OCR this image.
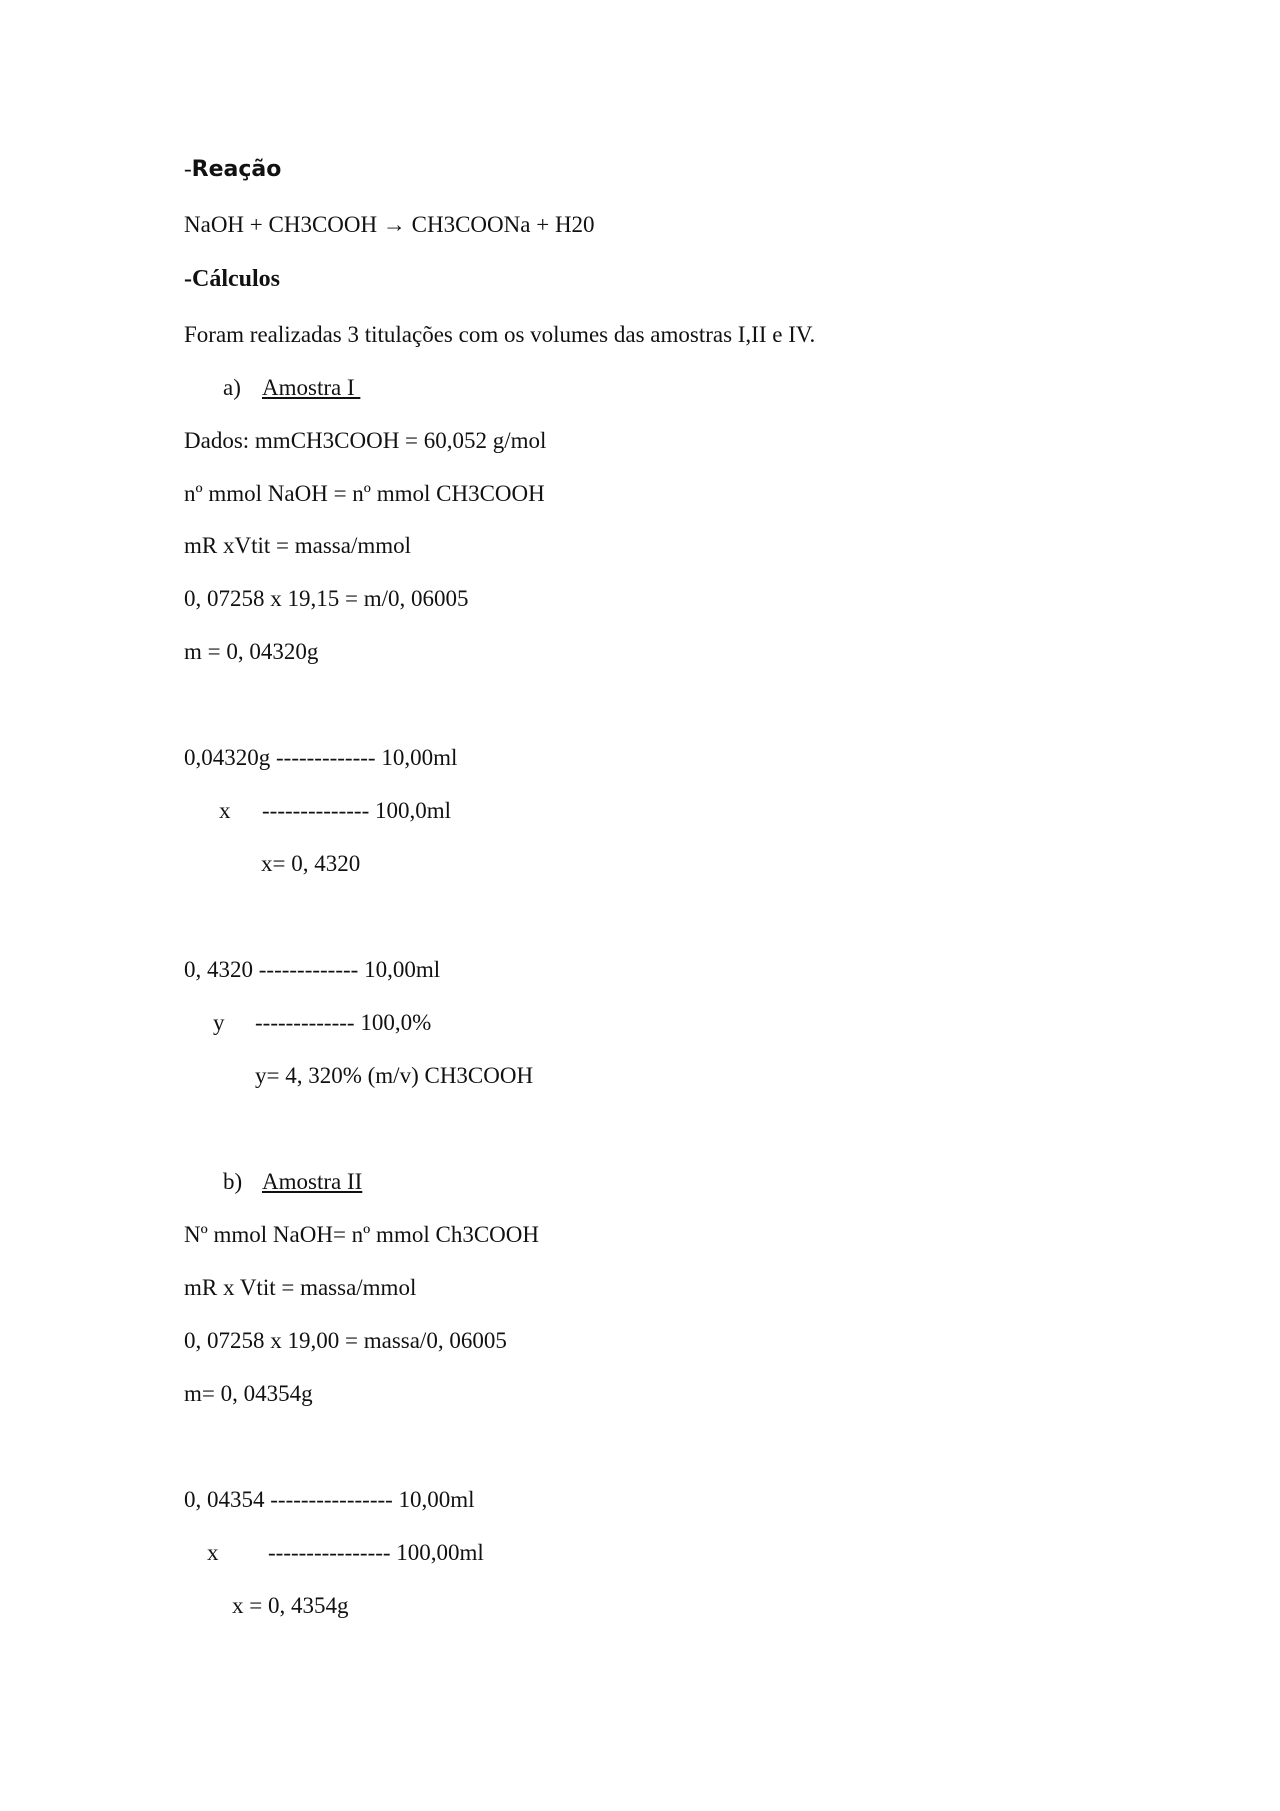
-Reação
NaOH + CH3COOH → CH3COONa + H20
-Cálculos
Foram realizadas 3 titulações com os volumes das amostras I,II e IV.
a) Amostra I
Dados: mmCH3COOH = 60,052 g/mol
nº mmol NaOH = nº mmol CH3COOH
mR xVtit = massa/mmol
0, 07258 x 19,15 = m/0, 06005
m = 0, 04320g
0,04320g ------------- 10,00ml
x -------------- 100,0ml
x= 0, 4320
0, 4320 ------------- 10,00ml
y ------------- 100,0%
y= 4, 320% (m/v) CH3COOH
b) Amostra II
Nº mmol NaOH= nº mmol Ch3COOH
mR x Vtit = massa/mmol
0, 07258 x 19,00 = massa/0, 06005
m= 0, 04354g
0, 04354 ---------------- 10,00ml
x ---------------- 100,00ml
x = 0, 4354g
